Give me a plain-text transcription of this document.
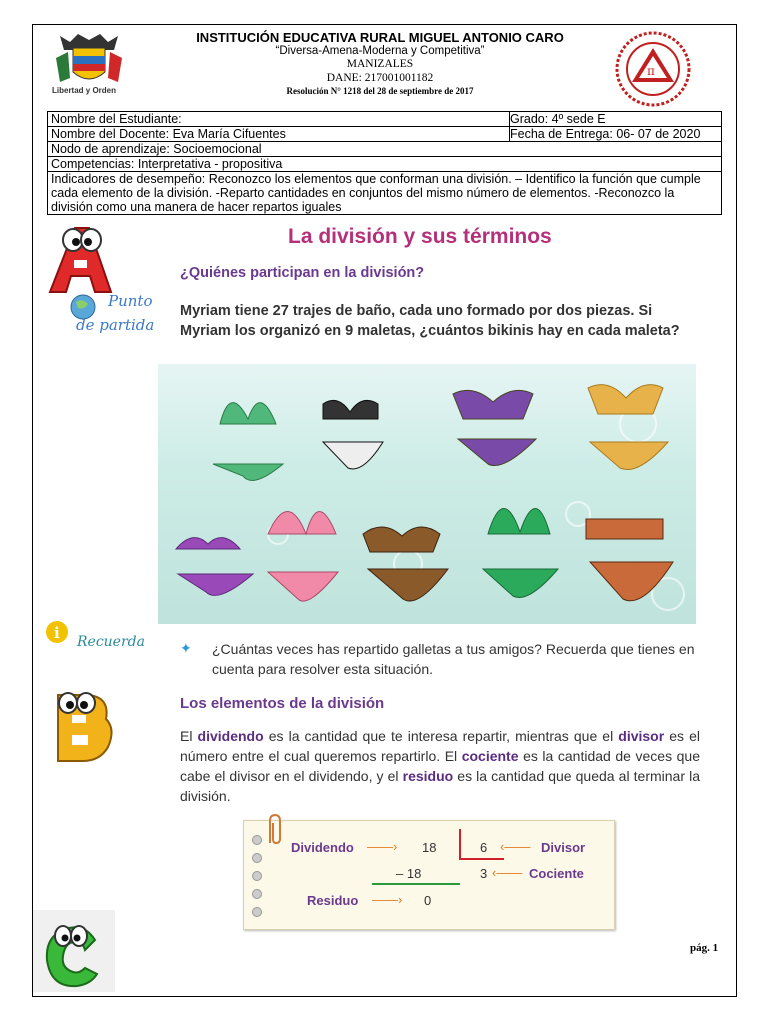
Libertad y Orden
π
INSTITUCIÓN EDUCATIVA RURAL MIGUEL ANTONIO CARO
“Diversa-Amena-Moderna y Competitiva”
MANIZALES
DANE: 217001001182
Resolución N° 1218 del 28 de septiembre de 2017
Nombre del Estudiante:	Grado: 4º sede E
Nombre del Docente: Eva María Cifuentes	Fecha de Entrega: 06- 07 de 2020
Nodo de aprendizaje: Socioemocional	
Competencias: Interpretativa - propositiva	
Indicadores de desempeño: Reconozco los elementos que conforman una división. – Identifico la función que cumple cada elemento de la división. -Reparto cantidades en conjuntos del mismo número de elementos. -Reconozco la división como una manera de hacer repartos iguales	
La división y sus términos
¿Quiénes participan en la división?
Punto
de partida
Myriam tiene 27 trajes de baño, cada uno formado por dos piezas. Si Myriam los organizó en 9 maletas, ¿cuántos bikinis hay en cada maleta?
i Recuerda	✦ ¿Cuántas veces has repartido galletas a tus amigos? Recuerda que tienes en cuenta para resolver esta situación.
Los elementos de la división
El dividendo es la cantidad que te interesa repartir, mientras que el divisor es el número entre el cual queremos repartirlo. El cociente es la cantidad de veces que cabe el divisor en el dividendo, y el residuo es la cantidad que queda al terminar la división.
Dividendo ——› 18	6 ‹—— Divisor
– 18	3 ‹—— Cociente
Residuo ——› 0
pág. 1
